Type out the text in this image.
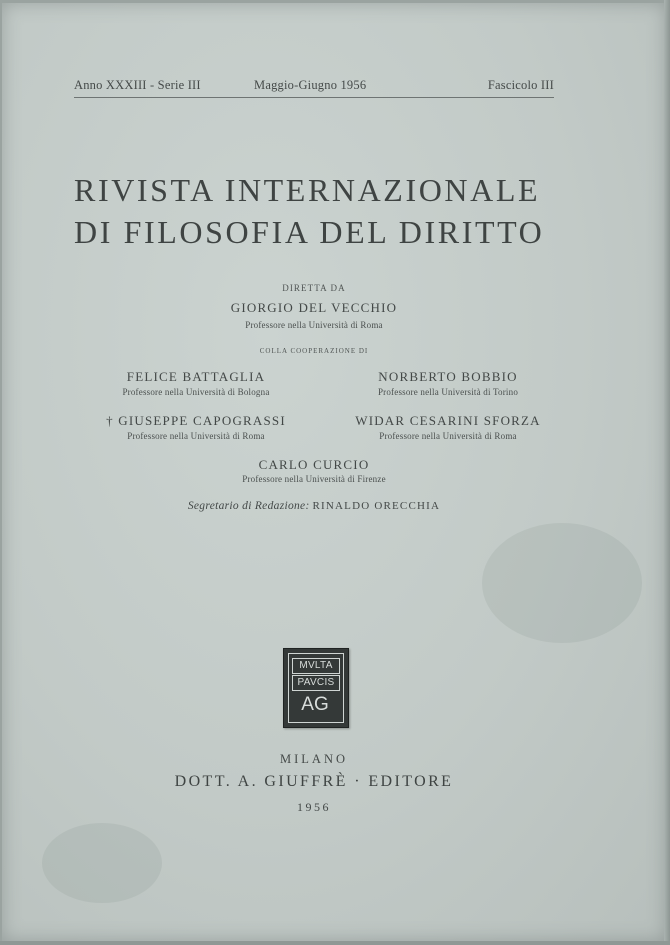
Anno XXXIII - Serie III	Maggio-Giugno 1956	Fascicolo III
RIVISTA INTERNAZIONALE
DI FILOSOFIA DEL DIRITTO
DIRETTA DA
GIORGIO DEL VECCHIO
Professore nella Università di Roma
COLLA COOPERAZIONE DI
FELICE BATTAGLIA
Professore nella Università di Bologna
NORBERTO BOBBIO
Professore nella Università di Torino
† GIUSEPPE CAPOGRASSI
Professore nella Università di Roma
WIDAR CESARINI SFORZA
Professore nella Università di Roma
CARLO CURCIO
Professore nella Università di Firenze
Segretario di Redazione: RINALDO ORECCHIA
MVLTA
PAVCIS
AG
MILANO
DOTT. A. GIUFFRÈ · EDITORE
1956
